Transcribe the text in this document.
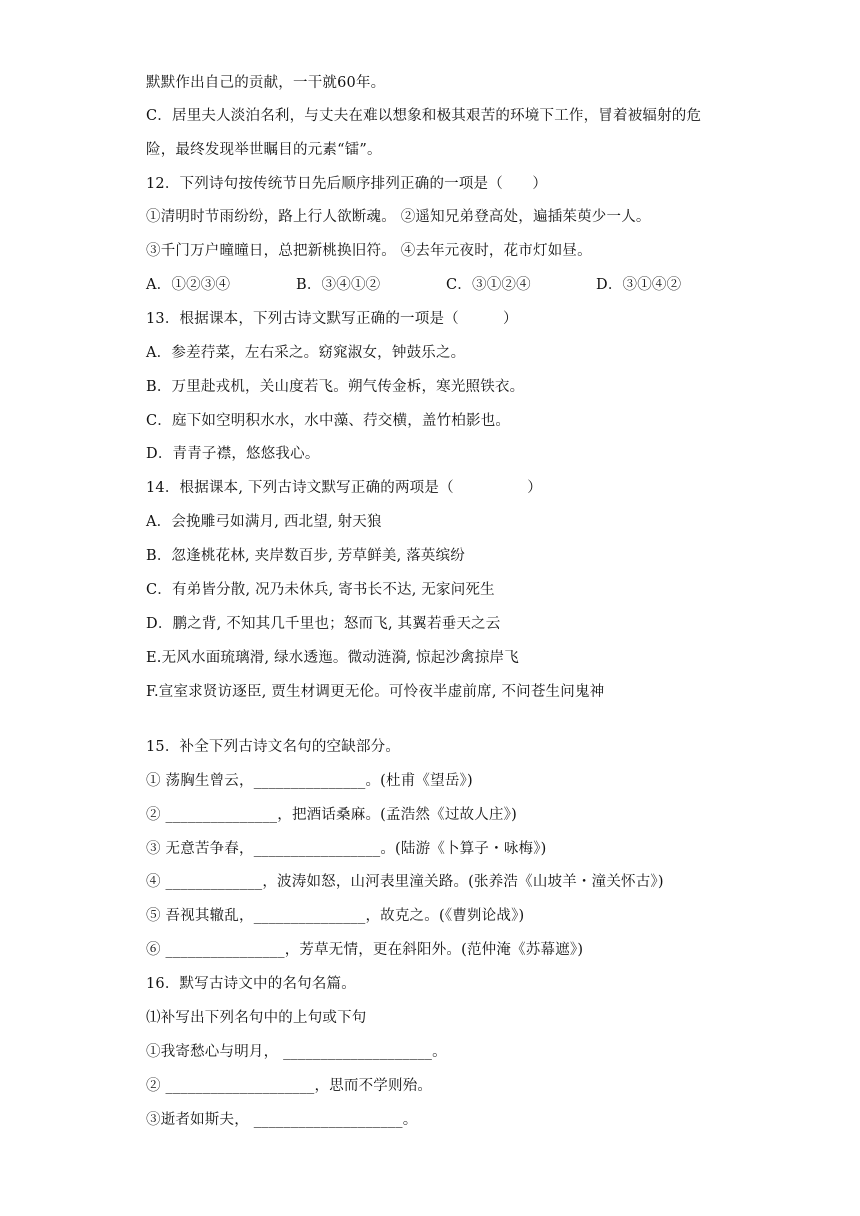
默默作出自己的贡献，一干就60年。
C．居里夫人淡泊名利，与丈夫在难以想象和极其艰苦的环境下工作，冒着被辐射的危
险，最终发现举世瞩目的元素“镭”。
12．下列诗句按传统节日先后顺序排列正确的一项是（　　）
①清明时节雨纷纷，路上行人欲断魂。 ②遥知兄弟登高处，遍插茱萸少一人。
③千门万户曈曈日，总把新桃换旧符。 ④去年元夜时，花市灯如昼。
A．①②③④	B．③④①②	C．③①②④	D．③①④②
13．根据课本，下列古诗文默写正确的一项是（　　　）
A．参差荇菜，左右采之。窈窕淑女，钟鼓乐之。
B．万里赴戎机，关山度若飞。朔气传金柝，寒光照铁衣。
C．庭下如空明积水水，水中藻、荇交横，盖竹柏影也。
D．青青子襟，悠悠我心。
14．根据课本, 下列古诗文默写正确的两项是（　　　　　）
A．会挽雕弓如满月, 西北望, 射天狼
B．忽逢桃花林, 夹岸数百步, 芳草鲜美, 落英缤纷
C．有弟皆分散, 况乃未休兵, 寄书长不达, 无家问死生
D．鹏之背, 不知其几千里也；怒而飞, 其翼若垂天之云
E.无风水面琉璃滑, 绿水透迤。微动涟漪, 惊起沙禽掠岸飞
F.宣室求贤访逐臣, 贾生材调更无伦。可怜夜半虚前席, 不问苍生问鬼神
15．补全下列古诗文名句的空缺部分。
① 荡胸生曾云，_______________。(杜甫《望岳》)
② _______________，把酒话桑麻。(孟浩然《过故人庄》)
③ 无意苦争春，_________________。(陆游《卜算子・咏梅》)
④ _____________，波涛如怒，山河表里潼关路。(张养浩《山坡羊・潼关怀古》)
⑤ 吾视其辙乱，_______________，故克之。(《曹刿论战》)
⑥ ________________，芳草无情，更在斜阳外。(范仲淹《苏幕遮》)
16．默写古诗文中的名句名篇。
⑴补写出下列名句中的上句或下句
①我寄愁心与明月， ____________________。
② ____________________，思而不学则殆。
③逝者如斯夫， ____________________。
